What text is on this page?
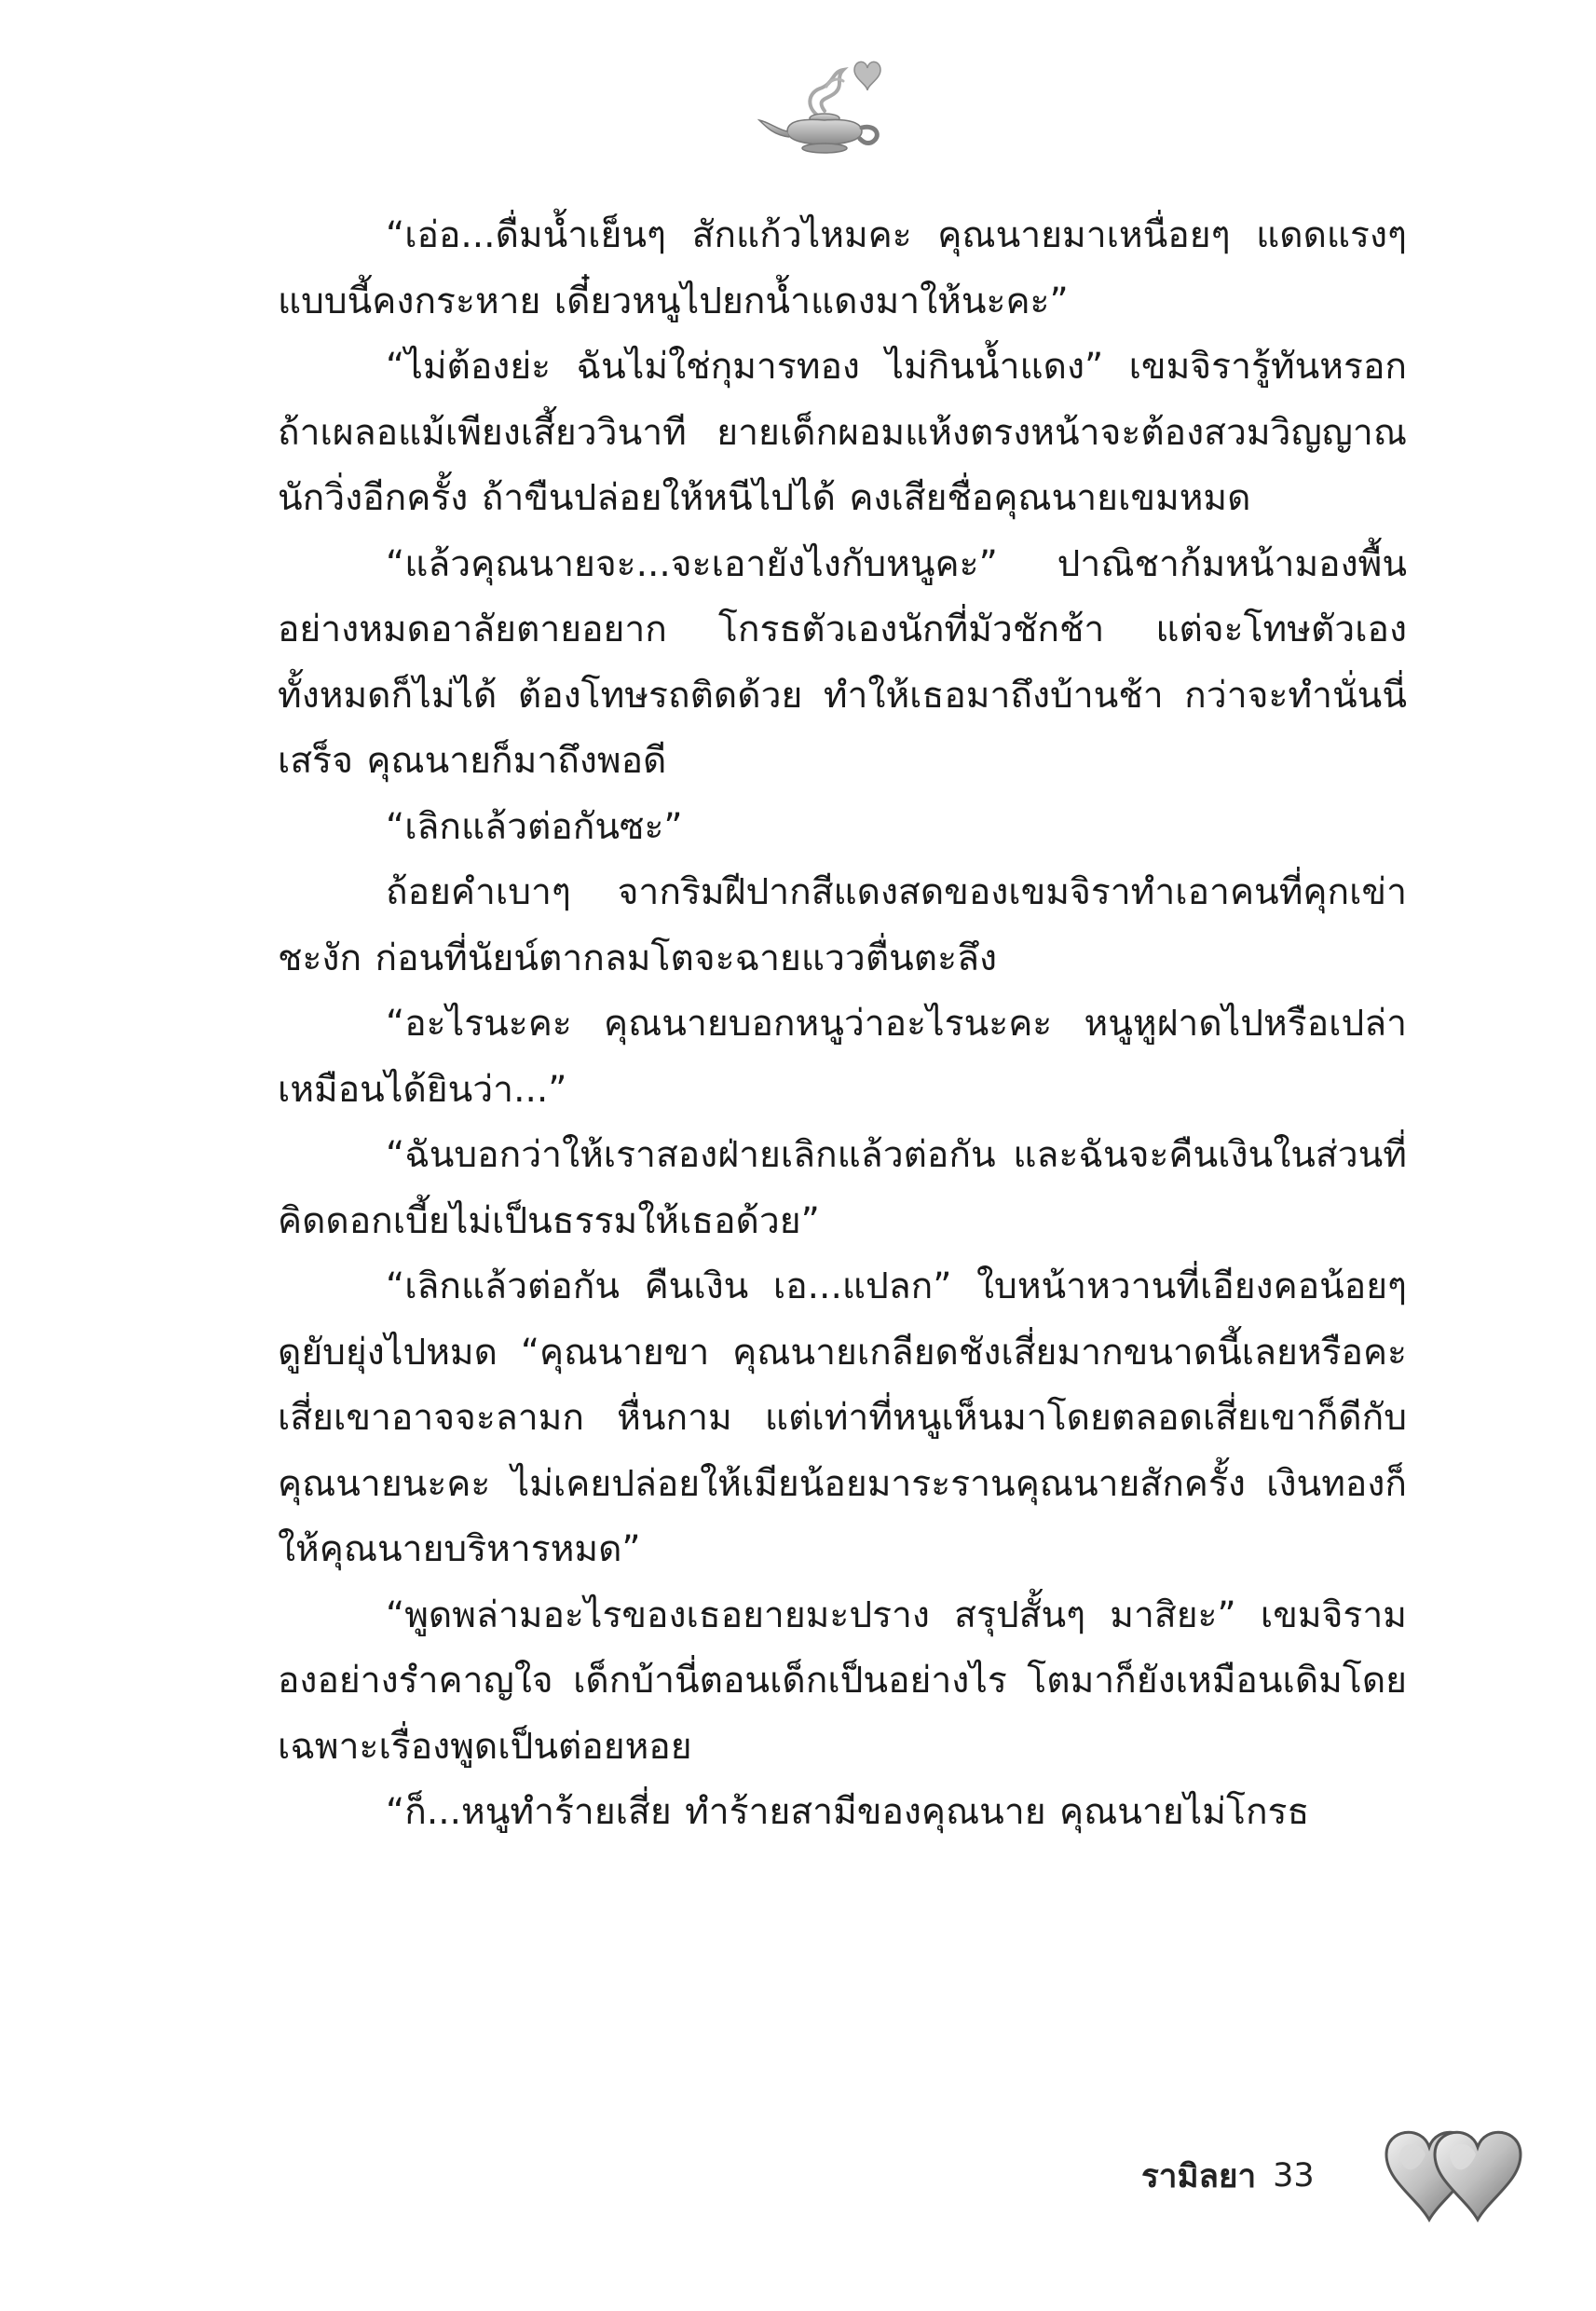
“เอ่อ...ดื่มน้ำเย็นๆ สักแก้วไหมคะ คุณนายมาเหนื่อยๆ แดดแรงๆ แบบนี้คงกระหาย เดี๋ยวหนูไปยกน้ำแดงมาให้นะคะ”

“ไม่ต้องย่ะ ฉันไม่ใช่กุมารทอง ไม่กินน้ำแดง” เขมจิรารู้ทันหรอก ถ้าเผลอแม้เพียงเสี้ยววินาที ยายเด็กผอมแห้งตรงหน้าจะต้องสวมวิญญาณนักวิ่งอีกครั้ง ถ้าขืนปล่อยให้หนีไปได้ คงเสียชื่อคุณนายเขมหมด

“แล้วคุณนายจะ...จะเอายังไงกับหนูคะ” ปาณิชาก้มหน้ามองพื้นอย่างหมดอาลัยตายอยาก โกรธตัวเองนักที่มัวชักช้า แต่จะโทษตัวเองทั้งหมดก็ไม่ได้ ต้องโทษรถติดด้วย ทำให้เธอมาถึงบ้านช้า กว่าจะทำนั่นนี่เสร็จ คุณนายก็มาถึงพอดี

“เลิกแล้วต่อกันซะ”

ถ้อยคำเบาๆ จากริมฝีปากสีแดงสดของเขมจิราทำเอาคนที่คุกเข่าชะงัก ก่อนที่นัยน์ตากลมโตจะฉายแววตื่นตะลึง

“อะไรนะคะ คุณนายบอกหนูว่าอะไรนะคะ หนูหูฝาดไปหรือเปล่าเหมือนได้ยินว่า...”

“ฉันบอกว่าให้เราสองฝ่ายเลิกแล้วต่อกัน และฉันจะคืนเงินในส่วนที่คิดดอกเบี้ยไม่เป็นธรรมให้เธอด้วย”

“เลิกแล้วต่อกัน คืนเงิน เอ...แปลก” ใบหน้าหวานที่เอียงคอน้อยๆ ดูยับยุ่งไปหมด “คุณนายขา คุณนายเกลียดชังเสี่ยมากขนาดนี้เลยหรือคะ เสี่ยเขาอาจจะลามก หื่นกาม แต่เท่าที่หนูเห็นมาโดยตลอดเสี่ยเขาก็ดีกับคุณนายนะคะ ไม่เคยปล่อยให้เมียน้อยมาระรานคุณนายสักครั้ง เงินทองก็ให้คุณนายบริหารหมด”

“พูดพล่ามอะไรของเธอยายมะปราง สรุปสั้นๆ มาสิยะ” เขมจิรามองอย่างรำคาญใจ เด็กบ้านี่ตอนเด็กเป็นอย่างไร โตมาก็ยังเหมือนเดิมโดยเฉพาะเรื่องพูดเป็นต่อยหอย

“ก็...หนูทำร้ายเสี่ย ทำร้ายสามีของคุณนาย คุณนายไม่โกรธ

รามิลยา 33
